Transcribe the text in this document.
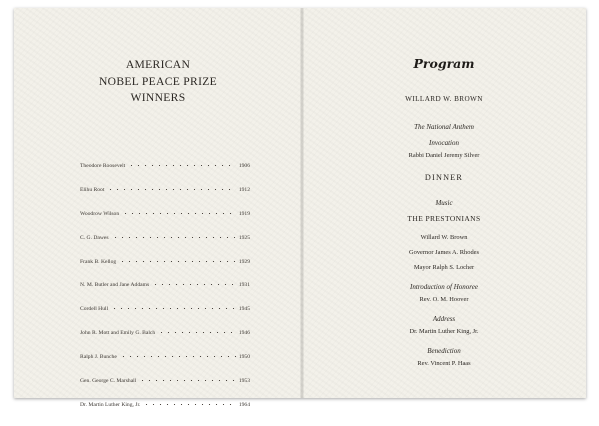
AMERICAN
NOBEL PEACE PRIZE
WINNERS
Theodore Roosevelt	1906
Elihu Root	1912
Woodrow Wilson	1919
C. G. Dawes	1925
Frank B. Kellog	1929
N. M. Butler and Jane Addams	1931
Cordell Hull	1945
John R. Mott and Emily G. Balch	1946
Ralph J. Bunche	1950
Gen. George C. Marshall	1953
Dr. Martin Luther King, Jr.	1964
Program
WILLARD W. BROWN
The National Anthem
Invocation
Rabbi Daniel Jeremy Silver
DINNER
Music
THE PRESTONIANS
Willard W. Brown
Governor James A. Rhodes
Mayor Ralph S. Locher
Introduction of Honoree
Rev. O. M. Hoover
Address
Dr. Martin Luther King, Jr.
Benediction
Rev. Vincent P. Haas
